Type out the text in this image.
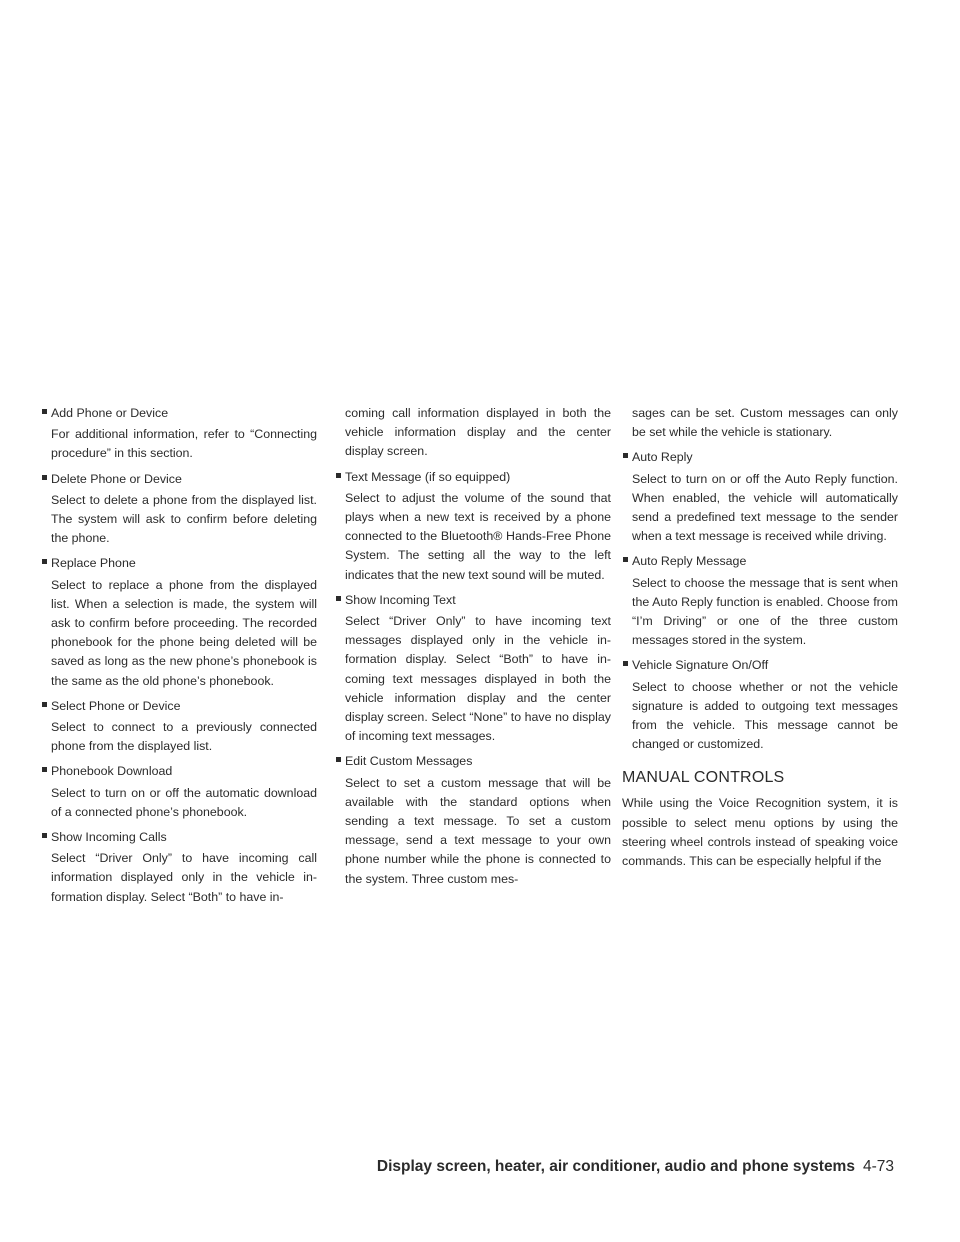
Add Phone or Device
For additional information, refer to “Connecting procedure” in this section.
Delete Phone or Device
Select to delete a phone from the displayed list. The system will ask to confirm before deleting the phone.
Replace Phone
Select to replace a phone from the displayed list. When a selection is made, the system will ask to confirm before proceeding. The recorded phonebook for the phone being deleted will be saved as long as the new phone’s phonebook is the same as the old phone’s phonebook.
Select Phone or Device
Select to connect to a previously connected phone from the displayed list.
Phonebook Download
Select to turn on or off the automatic download of a connected phone’s phonebook.
Show Incoming Calls
Select “Driver Only” to have incoming call information displayed only in the vehicle information display. Select “Both” to have in-
coming call information displayed in both the vehicle information display and the center display screen.
Text Message (if so equipped)
Select to adjust the volume of the sound that plays when a new text is received by a phone connected to the Bluetooth® Hands-Free Phone System. The setting all the way to the left indicates that the new text sound will be muted.
Show Incoming Text
Select “Driver Only” to have incoming text messages displayed only in the vehicle information display. Select “Both” to have incoming text messages displayed in both the vehicle information display and the center display screen. Select “None” to have no display of incoming text messages.
Edit Custom Messages
Select to set a custom message that will be available with the standard options when sending a text message. To set a custom message, send a text message to your own phone number while the phone is connected to the system. Three custom mes-
sages can be set. Custom messages can only be set while the vehicle is stationary.
Auto Reply
Select to turn on or off the Auto Reply function. When enabled, the vehicle will automatically send a predefined text message to the sender when a text message is received while driving.
Auto Reply Message
Select to choose the message that is sent when the Auto Reply function is enabled. Choose from “I’m Driving” or one of the three custom messages stored in the system.
Vehicle Signature On/Off
Select to choose whether or not the vehicle signature is added to outgoing text messages from the vehicle. This message cannot be changed or customized.
MANUAL CONTROLS

While using the Voice Recognition system, it is possible to select menu options by using the steering wheel controls instead of speaking voice commands. This can be especially helpful if the

Display screen, heater, air conditioner, audio and phone systems 4-73
